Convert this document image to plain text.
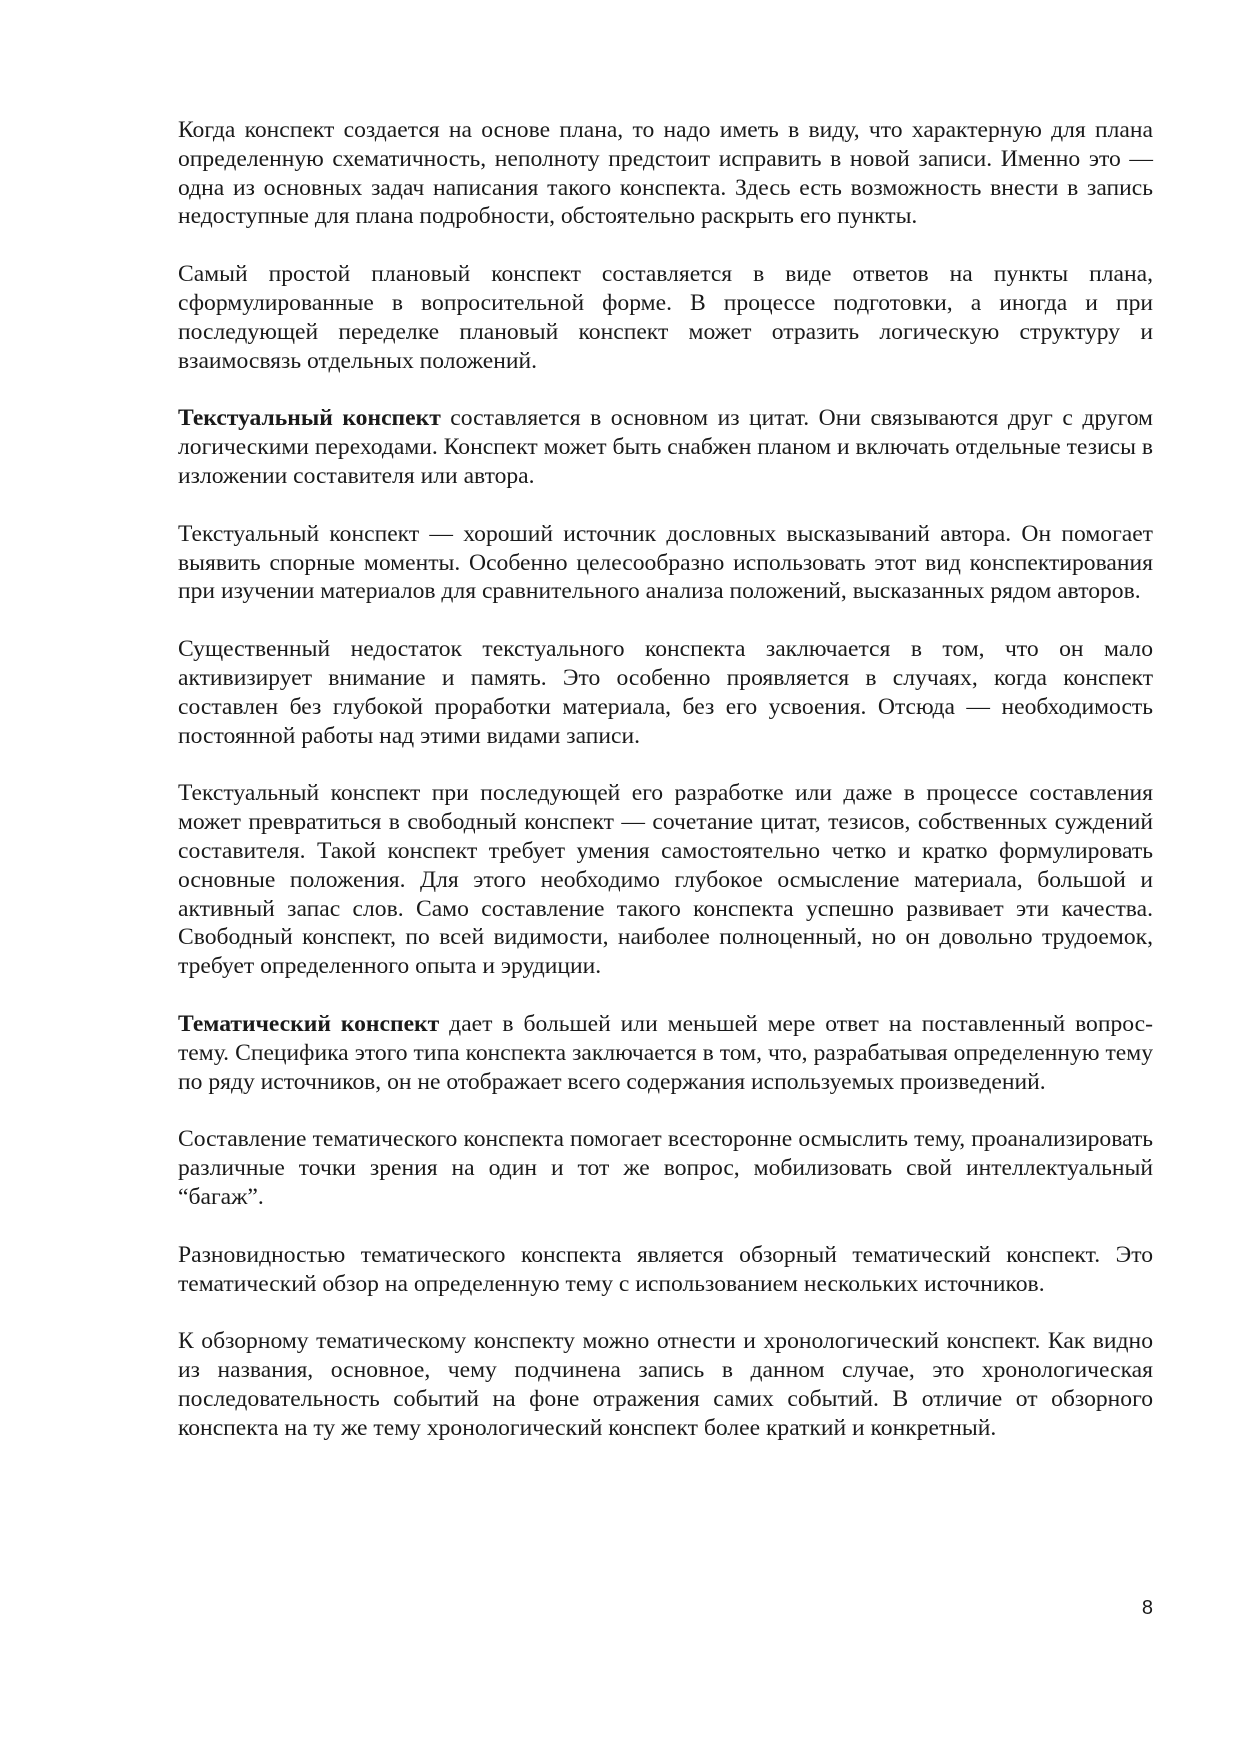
Когда конспект создается на основе плана, то надо иметь в виду, что характерную для плана определенную схематичность, неполноту предстоит исправить в новой записи. Именно это — одна из основных задач написания такого конспекта. Здесь есть возможность внести в запись недоступные для плана подробности, обстоятельно раскрыть его пункты.

Самый простой плановый конспект составляется в виде ответов на пункты плана, сформулированные в вопросительной форме. В процессе подготовки, а иногда и при последующей переделке плановый конспект может отразить логическую структуру и взаимосвязь отдельных положений.

Текстуальный конспект составляется в основном из цитат. Они связываются друг с другом логическими переходами. Конспект может быть снабжен планом и включать отдельные тезисы в изложении составителя или автора.

Текстуальный конспект — хороший источник дословных высказываний автора. Он помогает выявить спорные моменты. Особенно целесообразно использовать этот вид конспектирования при изучении материалов для сравнительного анализа положений, высказанных рядом авторов.

Существенный недостаток текстуального конспекта заключается в том, что он мало активизирует внимание и память. Это особенно проявляется в случаях, когда конспект составлен без глубокой проработки материала, без его усвоения. Отсюда — необходимость постоянной работы над этими видами записи.

Текстуальный конспект при последующей его разработке или даже в процессе составления может превратиться в свободный конспект — сочетание цитат, тезисов, собственных суждений составителя. Такой конспект требует умения самостоятельно четко и кратко формулировать основные положения. Для этого необходимо глубокое осмысление материала, большой и активный запас слов. Само составление такого конспекта успешно развивает эти качества. Свободный конспект, по всей видимости, наиболее полноценный, но он довольно трудоемок, требует определенного опыта и эрудиции.

Тематический конспект дает в большей или меньшей мере ответ на поставленный вопрос-тему. Специфика этого типа конспекта заключается в том, что, разрабатывая определенную тему по ряду источников, он не отображает всего содержания используемых произведений.

Составление тематического конспекта помогает всесторонне осмыслить тему, проанализировать различные точки зрения на один и тот же вопрос, мобилизовать свой интеллектуальный “багаж”.

Разновидностью тематического конспекта является обзорный тематический конспект. Это тематический обзор на определенную тему с использованием нескольких источников.

К обзорному тематическому конспекту можно отнести и хронологический конспект. Как видно из названия, основное, чему подчинена запись в данном случае, это хронологическая последовательность событий на фоне отражения самих событий. В отличие от обзорного конспекта на ту же тему хронологический конспект более краткий и конкретный.

8
